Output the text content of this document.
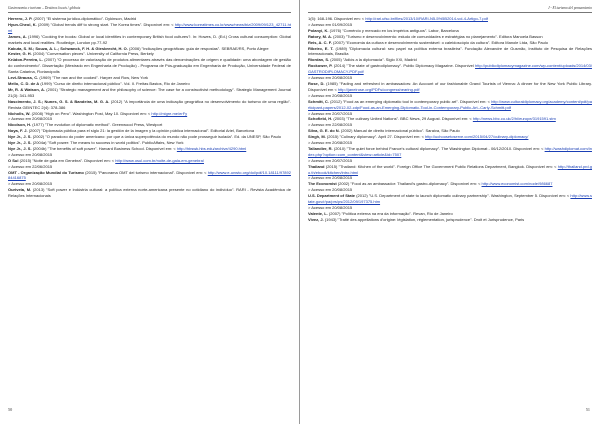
Gastronomia e turismo – Destinos locais / globais

Herrero, J. P. (2007) "El sistema jurídico-diplomático". Dykinson, Madrid

Hyun-Cheol, K. (2009) "Global trends diff to strong start. The Korea times". Disponível em: < http://www.koreatimes.co.kr/www/news/biz/2009/09/123_42711.html

James, A. (1996) "Cooking the books: Global or local identities in contemporary British food cultures?. In: Howes, D. (Ed.) Cross cultural consumption: Global markets and local realities. Routledge, London pp.77-92

Kakuta, S. M.; Souza, A. L.; Schwanck, F. H. & Giesbrecht, H. O. (2006) "Indicações geográficas: guia de respostas". SEBRAE/RS, Porto Alegre

Kester, G. H. (2004) "Conversation pieces". University of California Press, Berkely

Krüdon-Pereira, L. (2007) "O processo de valorização de produtos alimentares através das denominações de origem e qualidade: uma abordagem de gestão do conhecimento". Dissertação (Mestrado em Engenharia de Produção) - Programa de Pós-graduação em Engenharia de Produção, Universidade Federal de Santa Catarina, Florianópolis

Levi-Strauss, C. (1969) "The raw and the cooked". Harper and Row, New York

Mello, C. D. de A (1999) "Curso de direito internacional público". Vol. II. Freitas Bastos, Rio de Janeiro

Mr, R. & Watson, A. (2001) "Strategic management and the philosophy of science: The case for a constructivist methodology". Strategic Management Journal 21(3): 341-953

Nascimento, J. S.; Nunes, G. S. & Bandeira, M. G. A. (2012) "A importância de uma indicação geográfica no desenvolvimento do turismo de uma região". Revista GEINTEC 2(4): 378-386

Nicholls, W. (2008) "High on Peru". Washington Post, May 10. Disponível em: < http://migre.me/erFy

> Acesso em 20/08/2015

Nicolson, H. (1977) "The evolution of diplomatic method". Greenwood Press, Westport

Noya, F. J. (2007) "Diplomacia pública para el siglo 21: la gestión de la imagen y la opinión pública internacional". Editorial Ariel, Barcelona

Nye Jr., J. S. (2002) "O paradoxo do poder americano: por que a única superpotência do mundo não pode prosseguir isolada". Ed. da UNESP, São Paulo

Nye Jr., J. S. (2004a) "Soft power: The means to success in world politics". PublicAffairs, New York

Nye Jr., J. S. (2004b) "The benefits of soft power". Harvard Business School. Disponível em: < http://hbswk.hbs.edu/archive/4290.html

> Acesso em 20/08/2015

O Sul (2015) "Noite de gala em Genebra". Disponível em: < http://www.osul.com.br/noite-de-gala-em-genebra/

> Acesso em 22/06/2015

OMT - Organização Mundial do Turismo (2015) "Panorama OMT del turismo internacional". Disponível em: < http://www.e-unwto.org/doi/pdf/10.18111/9789284416875

> Acesso em 20/08/2015

Ourivela, M. (2013) "Soft power e indústria cultural: a política externa norte-americana presente no cotidiano do indivíduo". RARI - Revista Acadêmica de Relações Internacionais

50
J - El turismo del pensamiento

1(5): 168-196. Disponível em: < http://rari.ufsc.br/files/2013/10/RARI-N5-5%5B2014-vol-4-Artigo-7.pdf

> Acesso em 01/09/2015

Polanyi, K. (1976) "Comércio y mercado en los impérios antiguos". Labor, Barcelona

Ratory, M. A. (2003) "Turismo e desenvolvimento: estudo de comunidades e estratégias no planejamento". Editora Manoela Basson

Reis, A. C. F. (2007) "Economia da cultura e desenvolvimento sustentável: o caleidoscópio da cultura". Editora Manole Ltda, São Paulo

Ribeiro, E. T. (1989) "Diplomacia cultural: seu papel na política externa brasileira". Fundação Alexandre de Gusmão, Instituto de Pesquisa de Relações Internacionais, Brasília

Riordan, S. (2005) "Adiós a la diplomacia". Siglo XXI, Madrid

Rockower, P. (2014) "The state of gastrodiplomacy". Public Diplomacy Magazine. Disponível http://publicdiplomacymagazine.com/wp-content/uploads/2014/03/GASTRODIPLOMACY-PDF.pdf

> Acesso em 20/08/2015

Rose, D. (1985) "Fading and refreshed in ambassadors: An Account of our fashionable Grand Tourists of Vienna: A dinner for the New York Public Library. Disponível em < http://janeirose.org/PDFs/congresshearing.pdf

> Acesso em 20/08/2015

Schmitt, C. (2012) "Food as an emerging diplomatic tool in contemporary public art". Disponível em: < http://www.culturaldiplomacy.org/academy/content/pdf/participant-papers/2012-02-cdp/Food-as-an-Emerging-Diplomatic-Tool-in-Contemporary-Public-Art--Carly-Schmitt.pdf

> Acesso em 20/07/2015

Schofield, H. (2003) "The culinary United Nations". BBC News, 29 August. Disponível em: < http://news.bbc.co.uk/2/hi/europe/3191591.stm

> Acesso em 22/08/2015

Silva, G. E. do N. (2002) Manual de direito internacional público". Saraiva, São Paulo

Singh, M. (2015) "Culinary diplomacy". April 27. Disponível em: < http://uchoosetoserve.com/2015/04/27/culinary-diplomacy/

> Acesso em 20/08/2015

Tallandier, R. (2010) "The quiet force behind France's cultural diplomacy". The Washington Diplomat - 06/12/2010. Disponível em: < http://washdiplomat.com/index.php?option=com_content&view=article&id=7507

> Acesso em 20/07/2015

Thailand (2015) "Thailand: Kitchen of the world". Foreign Office The Government Public Relations Department, Bangkok. Disponível em: < http://thailand.prd.go.th/ebook/kitchen/intro.html

> Acesso em 20/08/2015

The Economist (2002) "Food as an ambassador: Thailand's gastro-diplomacy". Disponível em: < http://www.economist.com/node/986687

> Acesso em 20/08/2015

U.S. Department of State (2012) "U.S. Department of state to launch diplomatic culinary partnership". Washington, September 5. Disponível em: < http://www.state.gov/r/pa/prs/ps/2012/09/197375.htm

> Acesso em 20/08/2015

Valente, L. (2007) "Política externa na era da informação". Revan, Rio de Janeiro

Vivez, J. (1943) "Traité des appellations d'origine: législation, réglementation, jurisprudence". Droit et Jurisprudence, Paris

51
